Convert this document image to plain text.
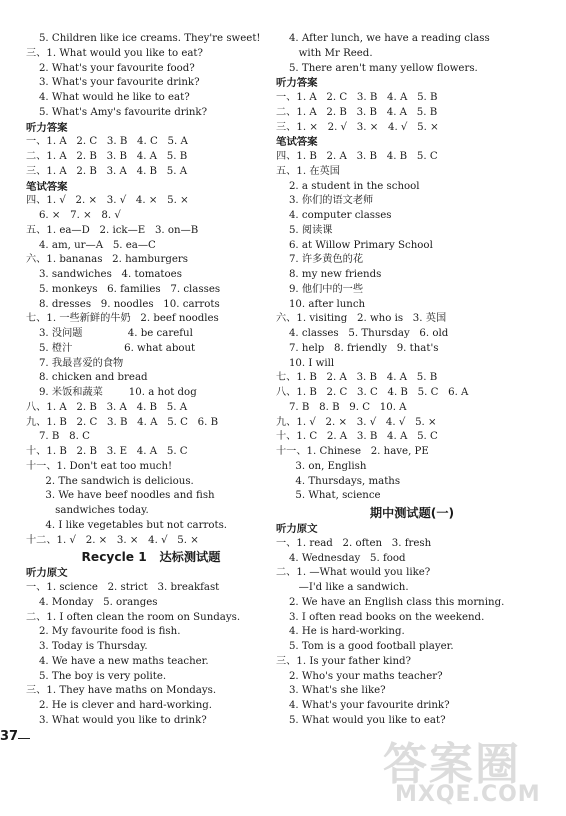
5. Children like ice creams. They're sweet!
三、1. What would you like to eat?
2. What's your favourite food?
3. What's your favourite drink?
4. What would he like to eat?
5. What's Amy's favourite drink?
听力答案
一、1. A   2. C   3. B   4. C   5. A
二、1. A   2. B   3. B   4. A   5. B
三、1. A   2. B   3. A   4. B   5. A
笔试答案
四、1. √   2. ×   3. √   4. ×   5. ×
6. ×   7. ×   8. √
五、1. ea—D   2. ick—E   3. on—B
4. am, ur—A   5. ea—C
六、1. bananas   2. hamburgers
3. sandwiches   4. tomatoes
5. monkeys   6. families   7. classes
8. dresses   9. noodles   10. carrots
七、1. 一些新鲜的牛奶   2. beef noodles
3. 没问题              4. be careful
5. 橙汁                6. what about
7. 我最喜爱的食物
8. chicken and bread
9. 米饭和蔬菜        10. a hot dog
八、1. A   2. B   3. A   4. B   5. A
九、1. B   2. C   3. B   4. A   5. C   6. B
7. B   8. C
十、1. B   2. B   3. E   4. A   5. C
十一、1. Don't eat too much!
2. The sandwich is delicious.
3. We have beef noodles and fish
sandwiches today.
4. I like vegetables but not carrots.
十二、1. √   2. ×   3. ×   4. √   5. ×
Recycle 1   达标测试题
听力原文
一、1. science   2. strict   3. breakfast
4. Monday   5. oranges
二、1. I often clean the room on Sundays.
2. My favourite food is fish.
3. Today is Thursday.
4. We have a new maths teacher.
5. The boy is very polite.
三、1. They have maths on Mondays.
2. He is clever and hard-working.
3. What would you like to drink?
4. After lunch, we have a reading class
with Mr Reed.
5. There aren't many yellow flowers.
听力答案
一、1. A   2. C   3. B   4. A   5. B
二、1. A   2. B   3. B   4. A   5. B
三、1. ×   2. √   3. ×   4. √   5. ×
笔试答案
四、1. B   2. A   3. B   4. B   5. C
五、1. 在英国
2. a student in the school
3. 你们的语文老师
4. computer classes
5. 阅读课
6. at Willow Primary School
7. 许多黄色的花
8. my new friends
9. 他们中的一些
10. after lunch
六、1. visiting   2. who is   3. 英国
4. classes   5. Thursday   6. old
7. help   8. friendly   9. that's
10. I will
七、1. B   2. A   3. B   4. A   5. B
八、1. B   2. C   3. C   4. B   5. C   6. A
7. B   8. B   9. C   10. A
九、1. √   2. ×   3. √   4. √   5. ×
十、1. C   2. A   3. B   4. A   5. C
十一、1. Chinese   2. have, PE
3. on, English
4. Thursdays, maths
5. What, science
期中测试题(一)
听力原文
一、1. read   2. often   3. fresh
4. Wednesday   5. food
二、1. —What would you like?
—I'd like a sandwich.
2. We have an English class this morning.
3. I often read books on the weekend.
4. He is hard-working.
5. Tom is a good football player.
三、1. Is your father kind?
2. Who's your maths teacher?
3. What's she like?
4. What's your favourite drink?
5. What would you like to eat?
37
答案圈
MXQE.COM
